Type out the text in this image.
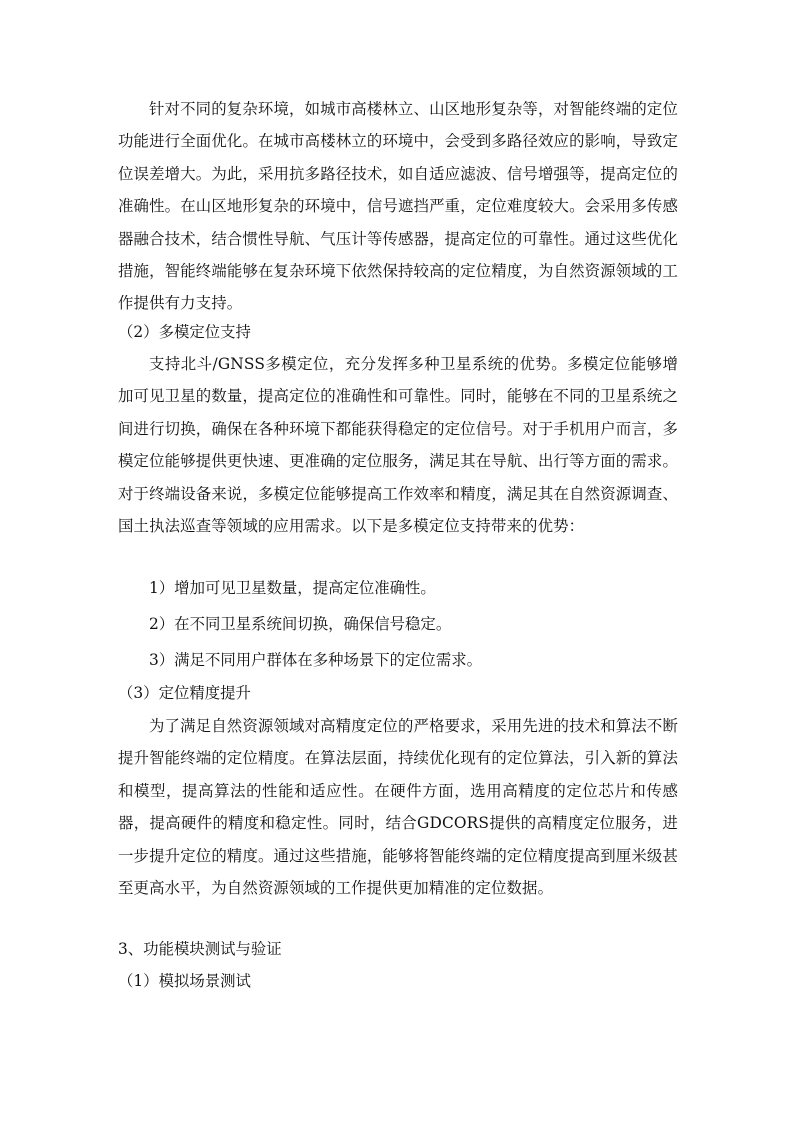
针对不同的复杂环境，如城市高楼林立、山区地形复杂等，对智能终端的定位功能进行全面优化。在城市高楼林立的环境中，会受到多路径效应的影响，导致定位误差增大。为此，采用抗多路径技术，如自适应滤波、信号增强等，提高定位的准确性。在山区地形复杂的环境中，信号遮挡严重，定位难度较大。会采用多传感器融合技术，结合惯性导航、气压计等传感器，提高定位的可靠性。通过这些优化措施，智能终端能够在复杂环境下依然保持较高的定位精度，为自然资源领域的工作提供有力支持。

（2）多模定位支持

支持北斗/GNSS多模定位，充分发挥多种卫星系统的优势。多模定位能够增加可见卫星的数量，提高定位的准确性和可靠性。同时，能够在不同的卫星系统之间进行切换，确保在各种环境下都能获得稳定的定位信号。对于手机用户而言，多模定位能够提供更快速、更准确的定位服务，满足其在导航、出行等方面的需求。对于终端设备来说，多模定位能够提高工作效率和精度，满足其在自然资源调查、国土执法巡查等领域的应用需求。以下是多模定位支持带来的优势：

1）增加可见卫星数量，提高定位准确性。

2）在不同卫星系统间切换，确保信号稳定。

3）满足不同用户群体在多种场景下的定位需求。

（3）定位精度提升

为了满足自然资源领域对高精度定位的严格要求，采用先进的技术和算法不断提升智能终端的定位精度。在算法层面，持续优化现有的定位算法，引入新的算法和模型，提高算法的性能和适应性。在硬件方面，选用高精度的定位芯片和传感器，提高硬件的精度和稳定性。同时，结合GDCORS提供的高精度定位服务，进一步提升定位的精度。通过这些措施，能够将智能终端的定位精度提高到厘米级甚至更高水平，为自然资源领域的工作提供更加精准的定位数据。

3、功能模块测试与验证

（1）模拟场景测试
